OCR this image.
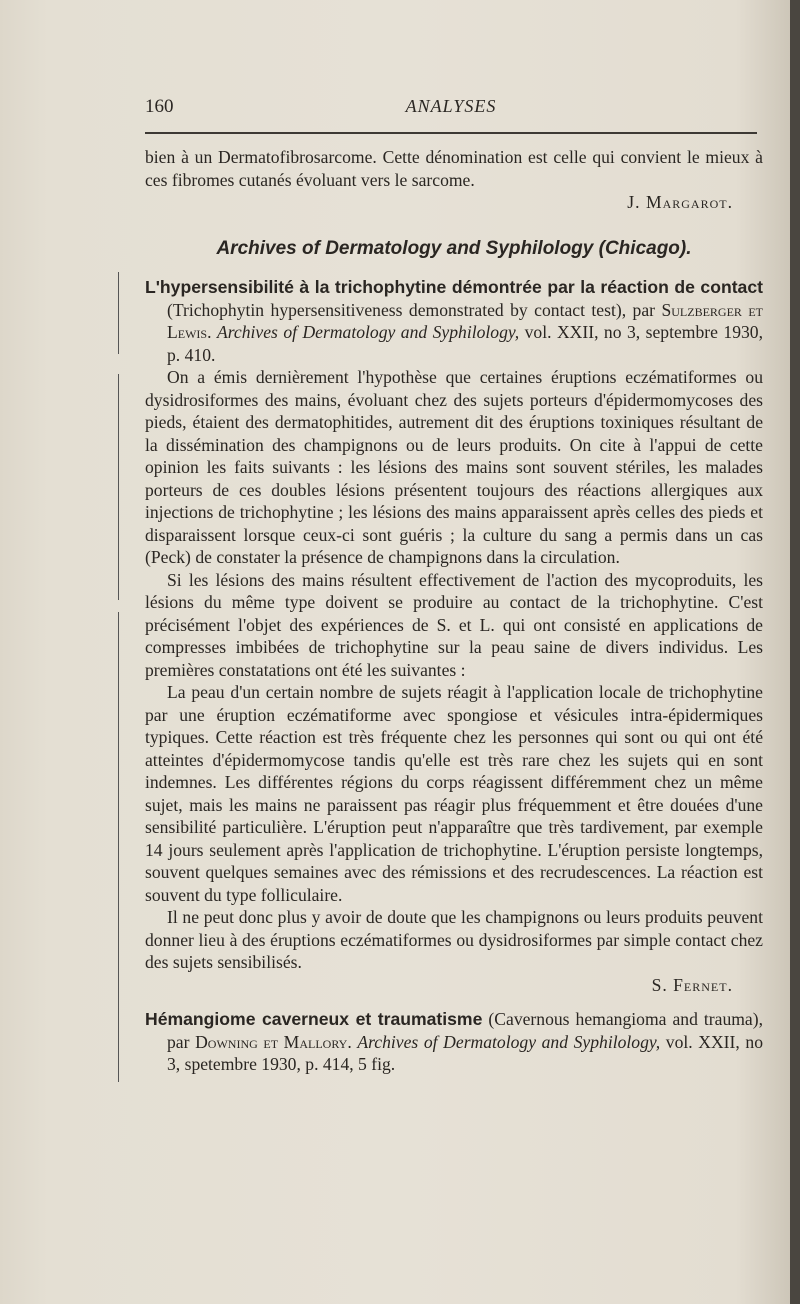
ANALYSES
160

bien à un Dermatofibrosarcome. Cette dénomination est celle qui convient le mieux à ces fibromes cutanés évoluant vers le sarcome.

J. Margarot.

Archives of Dermatology and Syphilology (Chicago).

L'hypersensibilité à la trichophytine démontrée par la réaction de contact (Trichophytin hypersensitiveness demonstrated by contact test), par Sulzberger et Lewis. Archives of Dermatology and Syphilology, vol. XXII, no 3, septembre 1930, p. 410.

On a émis dernièrement l'hypothèse que certaines éruptions eczématiformes ou dysidrosiformes des mains, évoluant chez des sujets porteurs d'épidermomycoses des pieds, étaient des dermatophitides, autrement dit des éruptions toxiniques résultant de la dissémination des champignons ou de leurs produits. On cite à l'appui de cette opinion les faits suivants : les lésions des mains sont souvent stériles, les malades porteurs de ces doubles lésions présentent toujours des réactions allergiques aux injections de trichophytine ; les lésions des mains apparaissent après celles des pieds et disparaissent lorsque ceux-ci sont guéris ; la culture du sang a permis dans un cas (Peck) de constater la présence de champignons dans la circulation.

Si les lésions des mains résultent effectivement de l'action des mycoproduits, les lésions du même type doivent se produire au contact de la trichophytine. C'est précisément l'objet des expériences de S. et L. qui ont consisté en applications de compresses imbibées de trichophytine sur la peau saine de divers individus. Les premières constatations ont été les suivantes :

La peau d'un certain nombre de sujets réagit à l'application locale de trichophytine par une éruption eczématiforme avec spongiose et vésicules intra-épidermiques typiques. Cette réaction est très fréquente chez les personnes qui sont ou qui ont été atteintes d'épidermomycose tandis qu'elle est très rare chez les sujets qui en sont indemnes. Les différentes régions du corps réagissent différemment chez un même sujet, mais les mains ne paraissent pas réagir plus fréquemment et être douées d'une sensibilité particulière. L'éruption peut n'apparaître que très tardivement, par exemple 14 jours seulement après l'application de trichophytine. L'éruption persiste longtemps, souvent quelques semaines avec des rémissions et des recrudescences. La réaction est souvent du type folliculaire.

Il ne peut donc plus y avoir de doute que les champignons ou leurs produits peuvent donner lieu à des éruptions eczématiformes ou dysidrosiformes par simple contact chez des sujets sensibilisés.

S. Fernet.

Hémangiome caverneux et traumatisme (Cavernous hemangioma and trauma), par Downing et Mallory. Archives of Dermatology and Syphilology, vol. XXII, no 3, spetembre 1930, p. 414, 5 fig.
